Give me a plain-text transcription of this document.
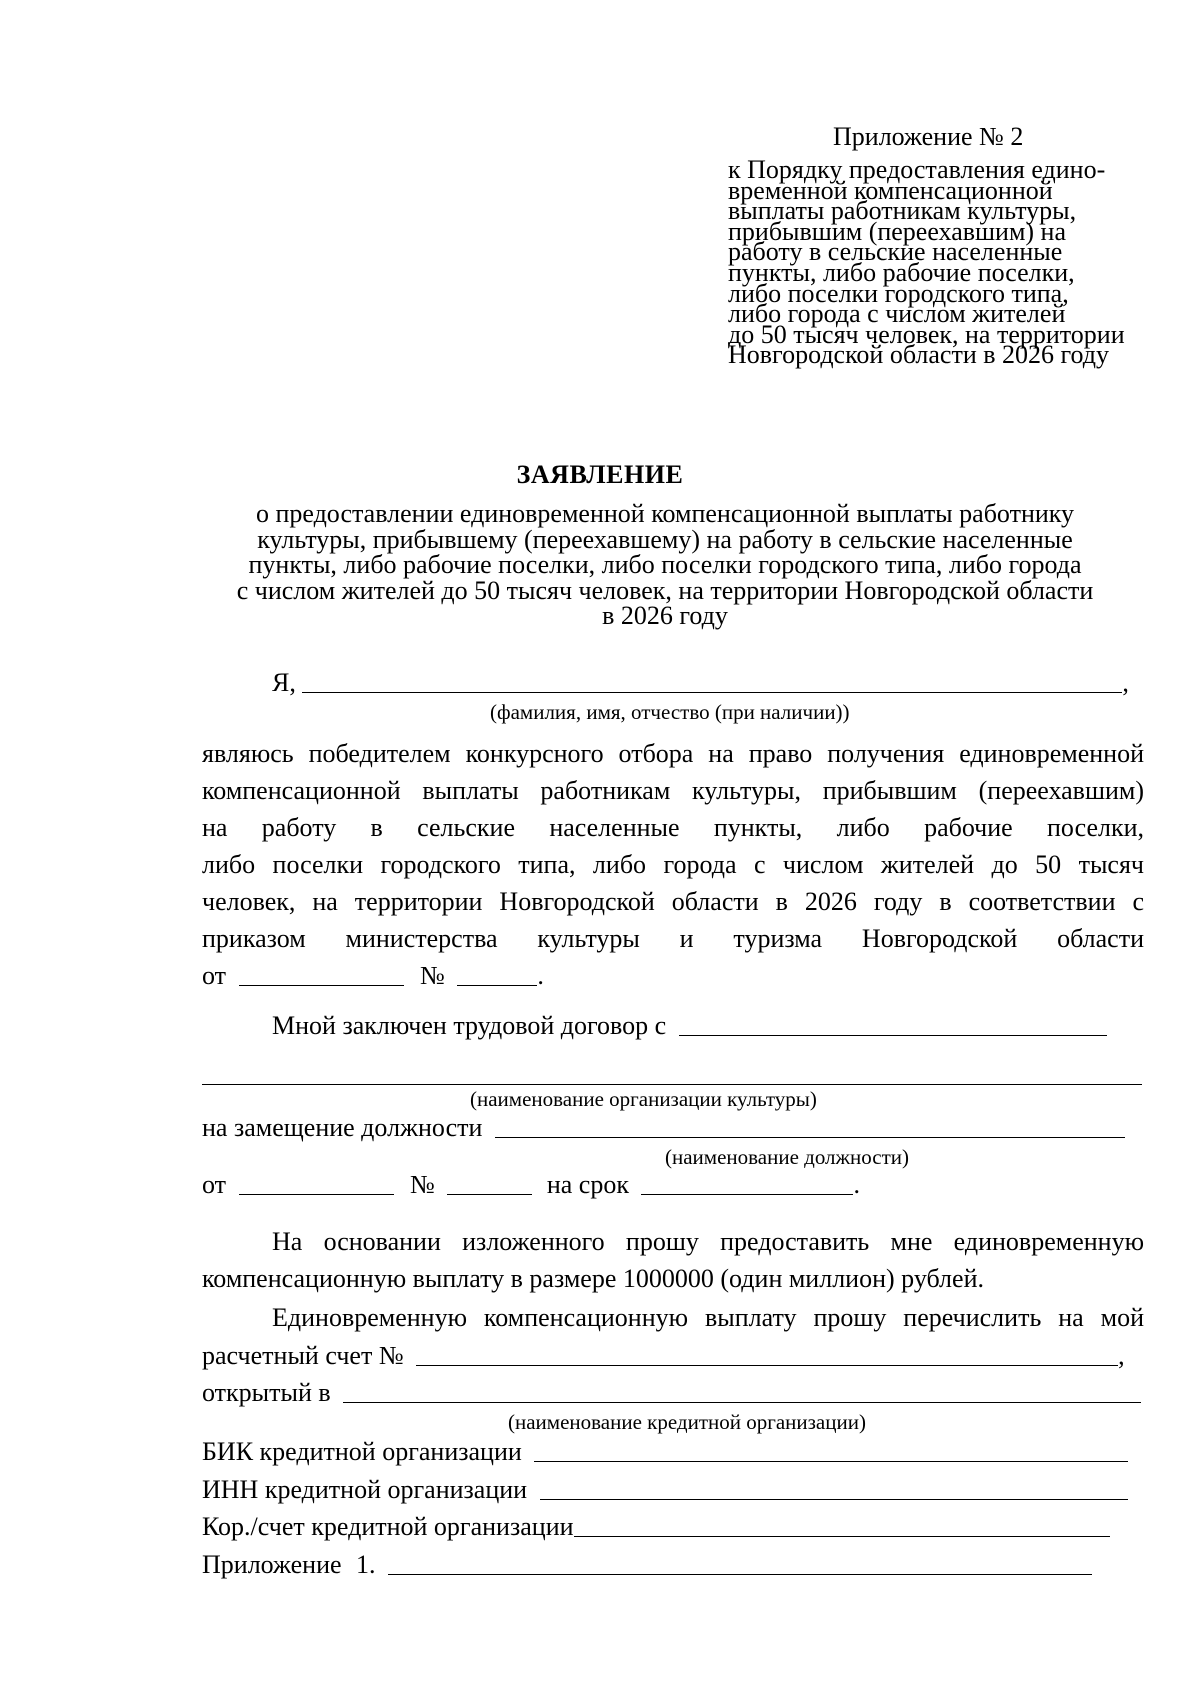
Приложение № 2
к Порядку предоставления едино-
временной компенсационной
выплаты работникам культуры,
прибывшим (переехавшим) на
работу в сельские населенные
пункты, либо рабочие поселки,
либо поселки городского типа,
либо города с числом жителей
до 50 тысяч человек, на территории
Новгородской области в 2026 году
ЗАЯВЛЕНИЕ
о предоставлении единовременной компенсационной выплаты работнику
культуры, прибывшему (переехавшему) на работу в сельские населенные
пункты, либо рабочие поселки, либо поселки городского типа, либо города
с числом жителей до 50 тысяч человек, на территории Новгородской области
в 2026 году
Я,	,
(фамилия, имя, отчество (при наличии))
являюсь победителем конкурсного отбора на право получения единовременной
компенсационной выплаты работникам культуры, прибывшим (переехавшим)
на работу в сельские населенные пункты, либо рабочие поселки,
либо поселки городского типа, либо города с числом жителей до 50 тысяч
человек, на территории Новгородской области в 2026 году в соответствии с
приказом министерства культуры и туризма Новгородской области
от	№	.
Мной заключен трудовой договор с
(наименование организации культуры)
на замещение должности
(наименование должности)
от	№	на срок	.
На основании изложенного прошу предоставить мне единовременную
компенсационную выплату в размере 1000000 (один миллион) рублей.
Единовременную компенсационную выплату прошу перечислить на мой
расчетный счет №	,
открытый в
(наименование кредитной организации)
БИК кредитной организации
ИНН кредитной организации
Кор./счет кредитной организации
Приложение 1.
